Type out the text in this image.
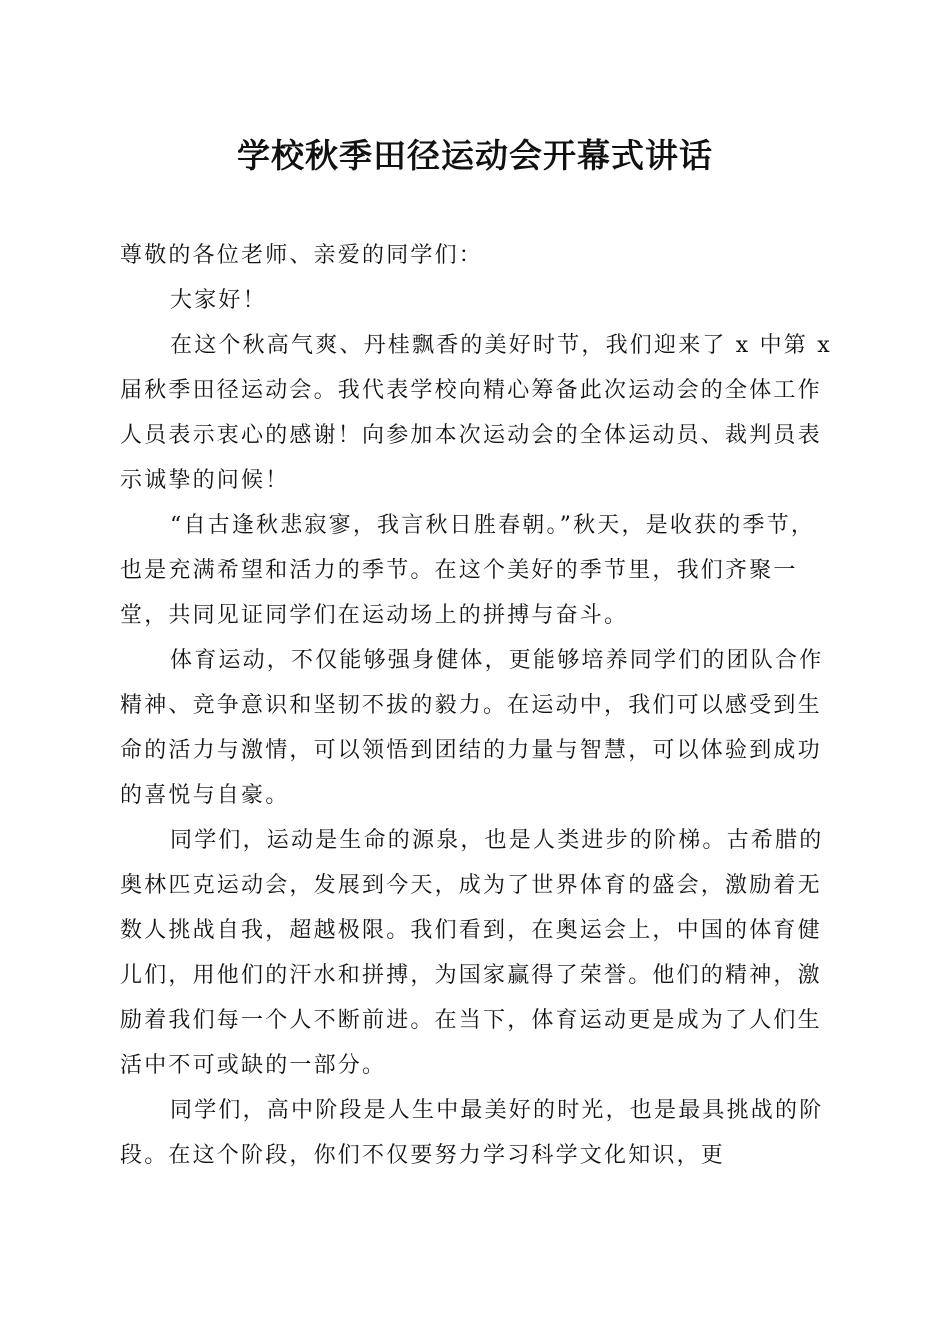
学校秋季田径运动会开幕式讲话

尊敬的各位老师、亲爱的同学们：

大家好！

在这个秋高气爽、丹桂飘香的美好时节，我们迎来了 x 中第 x 届秋季田径运动会。我代表学校向精心筹备此次运动会的全体工作人员表示衷心的感谢！向参加本次运动会的全体运动员、裁判员表示诚挚的问候！

“自古逢秋悲寂寥，我言秋日胜春朝。”秋天，是收获的季节，也是充满希望和活力的季节。在这个美好的季节里，我们齐聚一堂，共同见证同学们在运动场上的拼搏与奋斗。

体育运动，不仅能够强身健体，更能够培养同学们的团队合作精神、竞争意识和坚韧不拔的毅力。在运动中，我们可以感受到生命的活力与激情，可以领悟到团结的力量与智慧，可以体验到成功的喜悦与自豪。

同学们，运动是生命的源泉，也是人类进步的阶梯。古希腊的奥林匹克运动会，发展到今天，成为了世界体育的盛会，激励着无数人挑战自我，超越极限。我们看到，在奥运会上，中国的体育健儿们，用他们的汗水和拼搏，为国家赢得了荣誉。他们的精神，激励着我们每一个人不断前进。在当下，体育运动更是成为了人们生活中不可或缺的一部分。

同学们，高中阶段是人生中最美好的时光，也是最具挑战的阶段。在这个阶段，你们不仅要努力学习科学文化知识，更
